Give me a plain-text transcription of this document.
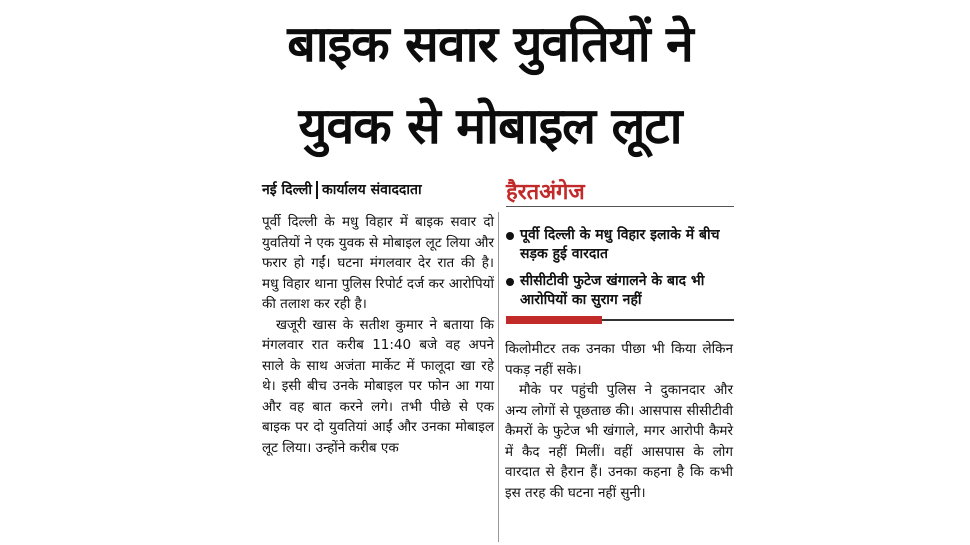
बाइक सवार युवतियों ने
युवक से मोबाइल लूटा
नई दिल्ली कार्यालय संवाददाता

पूर्वी दिल्ली के मधु विहार में बाइक सवार दो युवतियों ने एक युवक से मोबाइल लूट लिया और फरार हो गईं। घटना मंगलवार देर रात की है। मधु विहार थाना पुलिस रिपोर्ट दर्ज कर आरोपियों की तलाश कर रही है।

खजूरी खास के सतीश कुमार ने बताया कि मंगलवार रात करीब 11:40 बजे वह अपने साले के साथ अजंता मार्केट में फालूदा खा रहे थे। इसी बीच उनके मोबाइल पर फोन आ गया और वह बात करने लगे। तभी पीछे से एक बाइक पर दो युवतियां आईं और उनका मोबाइल लूट लिया। उन्होंने करीब एक

हैरतअंगेज
पूर्वी दिल्ली के मधु विहार इलाके में बीच सड़क हुई वारदात
सीसीटीवी फुटेज खंगालने के बाद भी आरोपियों का सुराग नहीं

किलोमीटर तक उनका पीछा भी किया लेकिन पकड़ नहीं सके।

मौके पर पहुंची पुलिस ने दुकानदार और अन्य लोगों से पूछताछ की। आसपास सीसीटीवी कैमरों के फुटेज भी खंगाले, मगर आरोपी कैमरे में कैद नहीं मिलीं। वहीं आसपास के लोग वारदात से हैरान हैं। उनका कहना है कि कभी इस तरह की घटना नहीं सुनी।
